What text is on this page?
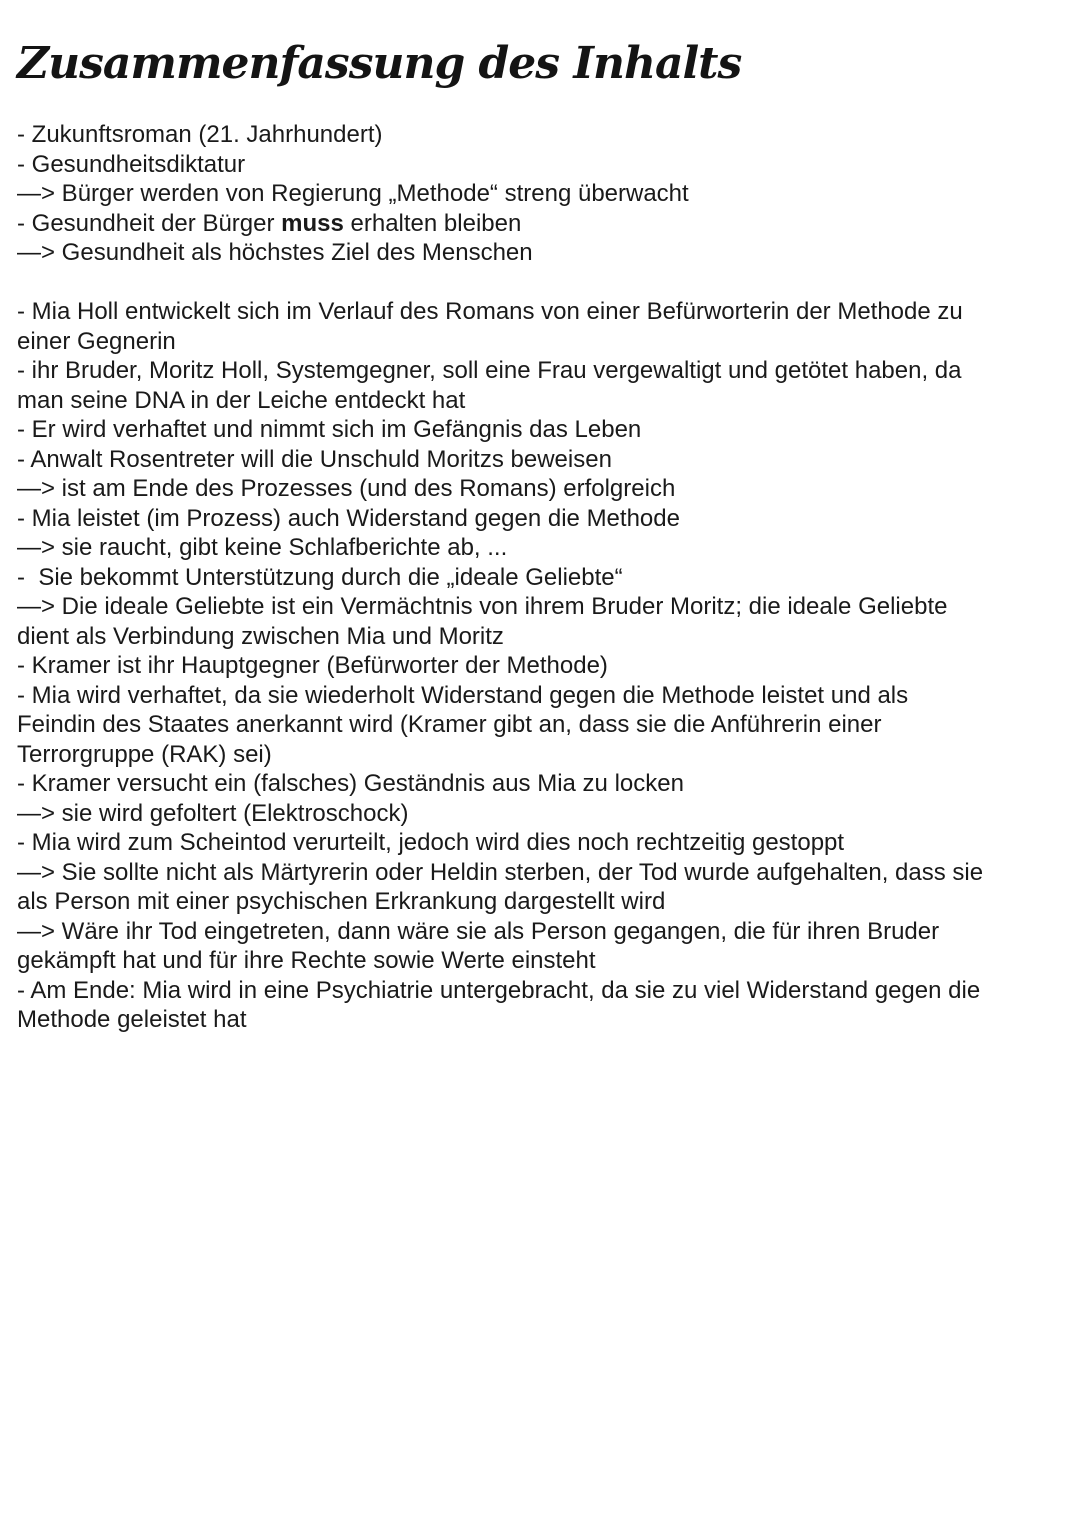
Zusammenfassung des Inhalts
- Zukunftsroman (21. Jahrhundert)
- Gesundheitsdiktatur
—> Bürger werden von Regierung „Methode“ streng überwacht
- Gesundheit der Bürger muss erhalten bleiben
—> Gesundheit als höchstes Ziel des Menschen
- Mia Holl entwickelt sich im Verlauf des Romans von einer Befürworterin der Methode zu
einer Gegnerin
- ihr Bruder, Moritz Holl, Systemgegner, soll eine Frau vergewaltigt und getötet haben, da
man seine DNA in der Leiche entdeckt hat
- Er wird verhaftet und nimmt sich im Gefängnis das Leben
- Anwalt Rosentreter will die Unschuld Moritzs beweisen
—> ist am Ende des Prozesses (und des Romans) erfolgreich
- Mia leistet (im Prozess) auch Widerstand gegen die Methode
—> sie raucht, gibt keine Schlafberichte ab, ...
-  Sie bekommt Unterstützung durch die „ideale Geliebte“
—> Die ideale Geliebte ist ein Vermächtnis von ihrem Bruder Moritz; die ideale Geliebte
dient als Verbindung zwischen Mia und Moritz
- Kramer ist ihr Hauptgegner (Befürworter der Methode)
- Mia wird verhaftet, da sie wiederholt Widerstand gegen die Methode leistet und als
Feindin des Staates anerkannt wird (Kramer gibt an, dass sie die Anführerin einer
Terrorgruppe (RAK) sei)
- Kramer versucht ein (falsches) Geständnis aus Mia zu locken
—> sie wird gefoltert (Elektroschock)
- Mia wird zum Scheintod verurteilt, jedoch wird dies noch rechtzeitig gestoppt
—> Sie sollte nicht als Märtyrerin oder Heldin sterben, der Tod wurde aufgehalten, dass sie
als Person mit einer psychischen Erkrankung dargestellt wird
—> Wäre ihr Tod eingetreten, dann wäre sie als Person gegangen, die für ihren Bruder
gekämpft hat und für ihre Rechte sowie Werte einsteht
- Am Ende: Mia wird in eine Psychiatrie untergebracht, da sie zu viel Widerstand gegen die
Methode geleistet hat
